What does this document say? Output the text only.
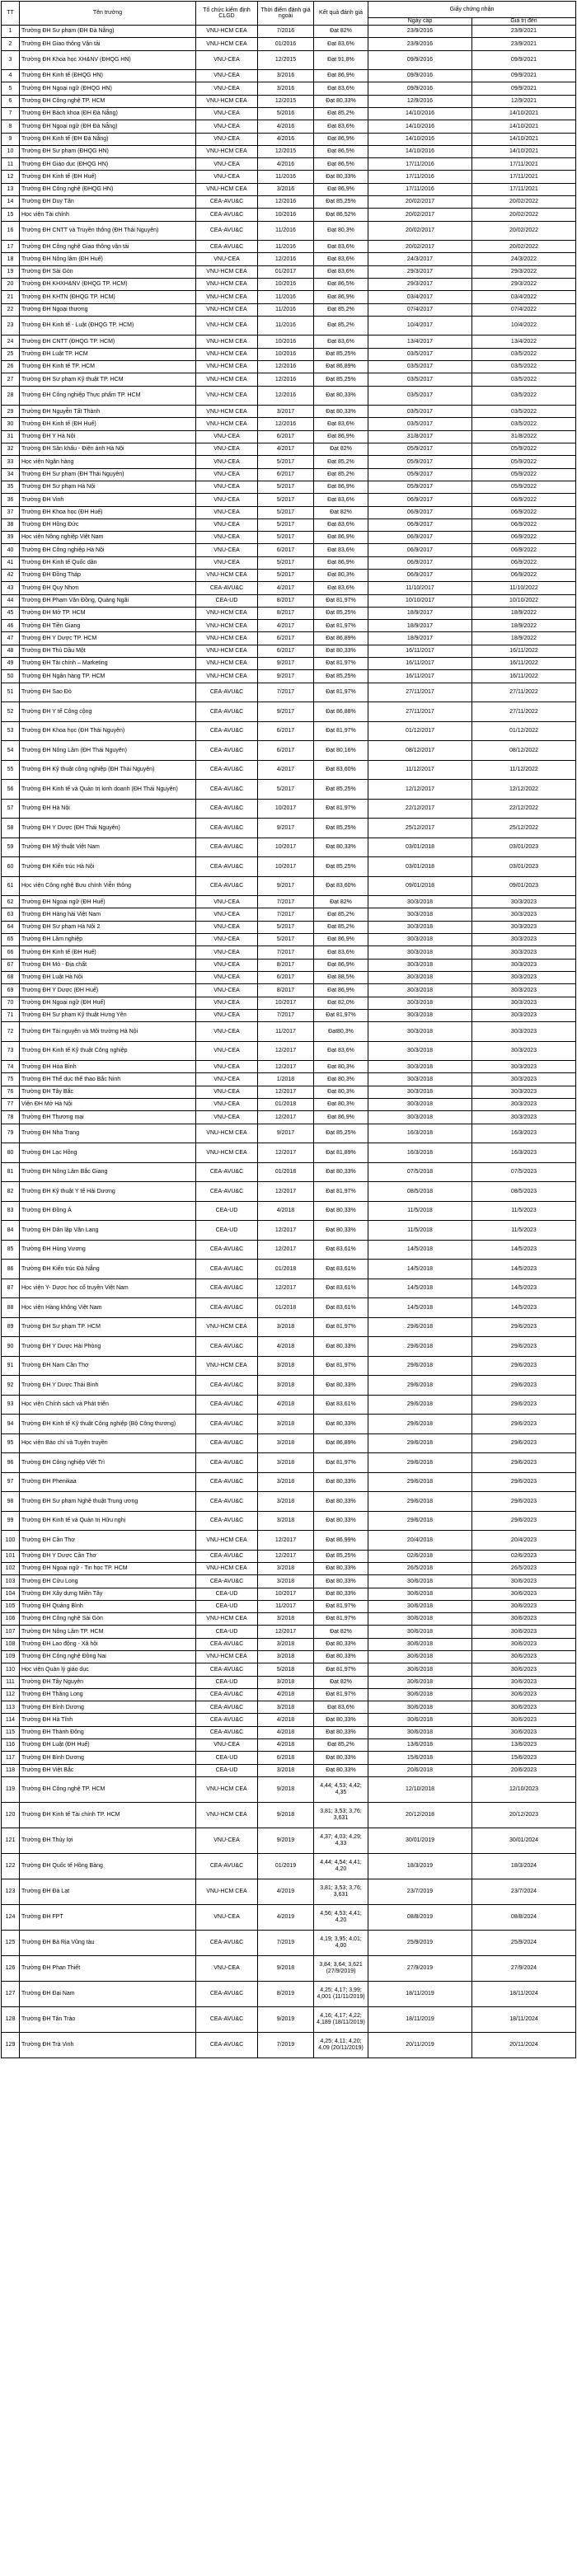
TT	Tên trường	Tổ chức kiểm định CLGD	Thời điểm đánh giá ngoài	Kết quả đánh giá	Giấy chứng nhận	
					Ngày cấp	Giá trị đến
1	Trường ĐH Sư phạm (ĐH Đà Nẵng)	VNU-HCM CEA	7/2016	Đạt 82%	23/9/2016	23/9/2021
2	Trường ĐH Giao thông Vận tải	VNU-HCM CEA	01/2016	Đạt 83,6%	23/9/2016	23/9/2021
3	Trường ĐH Khoa học XH&NV (ĐHQG HN)	VNU-CEA	12/2015	Đạt 91,8%	09/9/2016	09/9/2021
4	Trường ĐH Kinh tế (ĐHQG HN)	VNU-CEA	3/2016	Đạt 86,9%	09/9/2016	09/9/2021
5	Trường ĐH Ngoại ngữ (ĐHQG HN)	VNU-CEA	3/2016	Đạt 83,6%	09/9/2016	09/9/2021
6	Trường ĐH Công nghệ TP. HCM	VNU-HCM CEA	12/2015	Đạt 80,33%	12/9/2016	12/9/2021
7	Trường ĐH Bách khoa (ĐH Đà Nẵng)	VNU-CEA	5/2016	Đạt 85,2%	14/10/2016	14/10/2021
8	Trường ĐH Ngoại ngữ (ĐH Đà Nẵng)	VNU-CEA	4/2016	Đạt 83,6%	14/10/2016	14/10/2021
9	Trường ĐH Kinh tế (ĐH Đà Nẵng)	VNU-CEA	4/2016	Đạt 86,9%	14/10/2016	14/10/2021
10	Trường ĐH Sư phạm (ĐHQG HN)	VNU-HCM CEA	12/2015	Đạt 86,5%	14/10/2016	14/10/2021
11	Trường ĐH Giáo dục (ĐHQG HN)	VNU-CEA	4/2016	Đạt 86,5%	17/11/2016	17/11/2021
12	Trường ĐH Kinh tế (ĐH Huế)	VNU-CEA	11/2016	Đạt 80,33%	17/11/2016	17/11/2021
13	Trường ĐH Công nghệ (ĐHQG HN)	VNU-HCM CEA	3/2016	Đạt 86,9%	17/11/2016	17/11/2021
14	Trường ĐH Duy Tân	CEA-AVU&C	12/2016	Đạt 85,25%	20/02/2017	20/02/2022
15	Học viện Tài chính	CEA-AVU&C	10/2016	Đạt 86,52%	20/02/2017	20/02/2022
16	Trường ĐH CNTT và Truyền thông (ĐH Thái Nguyên)	CEA-AVU&C	11/2016	Đạt 80,3%	20/02/2017	20/02/2022
17	Trường ĐH Công nghệ Giao thông vận tải	CEA-AVU&C	11/2016	Đạt 83,6%	20/02/2017	20/02/2022
18	Trường ĐH Nông lâm (ĐH Huế)	VNU-CEA	12/2016	Đạt 83,6%	24/3/2017	24/3/2022
19	Trường ĐH Sài Gòn	VNU-HCM CEA	01/2017	Đạt 83,6%	29/3/2017	29/3/2022
20	Trường ĐH KHXH&NV (ĐHQG TP. HCM)	VNU-HCM CEA	10/2016	Đạt 86,5%	29/3/2017	29/3/2022
21	Trường ĐH KHTN (ĐHQG TP. HCM)	VNU-HCM CEA	11/2016	Đạt 86,9%	03/4/2017	03/4/2022
22	Trường ĐH Ngoại thương	VNU-HCM CEA	11/2016	Đạt 85,2%	07/4/2017	07/4/2022
23	Trường ĐH Kinh tế - Luật (ĐHQG TP. HCM)	VNU-HCM CEA	11/2016	Đạt 85,2%	10/4/2017	10/4/2022
24	Trường ĐH CNTT (ĐHQG TP. HCM)	VNU-HCM CEA	10/2016	Đạt 83,6%	13/4/2017	13/4/2022
25	Trường ĐH Luật TP. HCM	VNU-HCM CEA	10/2016	Đạt 85,25%	03/5/2017	03/5/2022
26	Trường ĐH Kinh tế TP. HCM	VNU-HCM CEA	12/2016	Đạt 86,89%	03/5/2017	03/5/2022
27	Trường ĐH Sư phạm Kỹ thuật TP. HCM	VNU-HCM CEA	12/2016	Đạt 85,25%	03/5/2017	03/5/2022
28	Trường ĐH Công nghiệp Thực phẩm TP. HCM	VNU-HCM CEA	12/2016	Đạt 80,33%	03/5/2017	03/5/2022
29	Trường ĐH Nguyễn Tất Thành	VNU-HCM CEA	3/2017	Đạt 80,33%	03/5/2017	03/5/2022
30	Trường ĐH Kinh tế (ĐH Huế)	VNU-HCM CEA	12/2016	Đạt 83,6%	03/5/2017	03/5/2022
31	Trường ĐH Y Hà Nội	VNU-CEA	6/2017	Đạt 86,9%	31/8/2017	31/8/2022
32	Trường ĐH Sân khấu - Điện ảnh Hà Nội	VNU-CEA	4/2017	Đạt 82%	05/9/2017	05/9/2022
33	Học viện Ngân hàng	VNU-CEA	5/2017	Đạt 85,2%	05/9/2017	05/9/2022
34	Trường ĐH Sư phạm (ĐH Thái Nguyên)	VNU-CEA	6/2017	Đạt 85,2%	05/9/2017	05/9/2022
35	Trường ĐH Sư phạm Hà Nội	VNU-CEA	5/2017	Đạt 86,9%	05/9/2017	05/9/2022
36	Trường ĐH Vinh	VNU-CEA	5/2017	Đạt 83,6%	06/9/2017	06/9/2022
37	Trường ĐH Khoa học (ĐH Huế)	VNU-CEA	5/2017	Đạt 82%	06/9/2017	06/9/2022
38	Trường ĐH Hồng Đức	VNU-CEA	5/2017	Đạt 83,6%	06/9/2017	06/9/2022
39	Học viện Nông nghiệp Việt Nam	VNU-CEA	5/2017	Đạt 86,9%	06/9/2017	06/9/2022
40	Trường ĐH Công nghiệp Hà Nội	VNU-CEA	6/2017	Đạt 83,6%	06/9/2017	06/9/2022
41	Trường ĐH Kinh tế Quốc dân	VNU-CEA	5/2017	Đạt 86,9%	06/9/2017	06/9/2022
42	Trường ĐH Đồng Tháp	VNU-HCM CEA	5/2017	Đạt 80,3%	06/9/2017	06/9/2022
43	Trường ĐH Quy Nhơn	CEA-AVU&C	4/2017	Đạt 83,6%	11/10/2017	11/10/2022
44	Trường ĐH Phạm Văn Đồng, Quảng Ngãi	CEA-UD	8/2017	Đạt 81,97%	10/10/2017	10/10/2022
45	Trường ĐH Mở TP. HCM	VNU-HCM CEA	8/2017	Đạt 85,25%	18/9/2017	18/9/2022
46	Trường ĐH Tiền Giang	VNU-HCM CEA	4/2017	Đạt 81,97%	18/9/2017	18/9/2022
47	Trường ĐH Y Dược TP. HCM	VNU-HCM CEA	6/2017	Đạt 86,89%	18/9/2017	18/9/2022
48	Trường ĐH Thủ Dầu Một	VNU-HCM CEA	6/2017	Đạt 80,33%	16/11/2017	16/11/2022
49	Trường ĐH Tài chính – Marketing	VNU-HCM CEA	9/2017	Đạt 81,97%	16/11/2017	16/11/2022
50	Trường ĐH Ngân hàng TP. HCM	VNU-HCM CEA	9/2017	Đạt 85,25%	16/11/2017	16/11/2022
51	Trường ĐH Sao Đỏ	CEA-AVU&C	7/2017	Đạt 81,97%	27/11/2017	27/11/2022
52	Trường ĐH Y tế Công cộng	CEA-AVU&C	9/2017	Đạt 86,88%	27/11/2017	27/11/2022
53	Trường ĐH Khoa học (ĐH Thái Nguyên)	CEA-AVU&C	6/2017	Đạt 81,97%	01/12/2017	01/12/2022
54	Trường ĐH Nông Lâm (ĐH Thái Nguyên)	CEA-AVU&C	6/2017	Đạt 80,16%	08/12/2017	08/12/2022
55	Trường ĐH Kỹ thuật công nghiệp (ĐH Thái Nguyên)	CEA-AVU&C	4/2017	Đạt 83,60%	11/12/2017	11/12/2022
56	Trường ĐH Kinh tế và Quản trị kinh doanh (ĐH Thái Nguyên)	CEA-AVU&C	5/2017	Đạt 85,25%	12/12/2017	12/12/2022
57	Trường ĐH Hà Nội	CEA-AVU&C	10/2017	Đạt 81,97%	22/12/2017	22/12/2022
58	Trường ĐH Y Dược (ĐH Thái Nguyên)	CEA-AVU&C	9/2017	Đạt 85,25%	25/12/2017	25/12/2022
59	Trường ĐH Mỹ thuật Việt Nam	CEA-AVU&C	10/2017	Đạt 80,33%	03/01/2018	03/01/2023
60	Trường ĐH Kiến trúc Hà Nội	CEA-AVU&C	10/2017	Đạt 85,25%	03/01/2018	03/01/2023
61	Học viện Công nghệ Bưu chính Viễn thông	CEA-AVU&C	9/2017	Đạt 83,60%	09/01/2018	09/01/2023
62	Trường ĐH Ngoại ngữ (ĐH Huế)	VNU-CEA	7/2017	Đạt 82%	30/3/2018	30/3/2023
63	Trường ĐH Hàng hải Việt Nam	VNU-CEA	7/2017	Đạt 85,2%	30/3/2018	30/3/2023
64	Trường ĐH Sư phạm Hà Nội 2	VNU-CEA	5/2017	Đạt 85,2%	30/3/2018	30/3/2023
65	Trường ĐH Lâm nghiệp	VNU-CEA	5/2017	Đạt 86,9%	30/3/2018	30/3/2023
66	Trường ĐH Kinh tế (ĐH Huế)	VNU-CEA	7/2017	Đạt 83,6%	30/3/2018	30/3/2023
67	Trường ĐH Mỏ - Địa chất	VNU-CEA	8/2017	Đạt 86,9%	30/3/2018	30/3/2023
68	Trường ĐH Luật Hà Nội	VNU-CEA	6/2017	Đạt 88,5%	30/3/2018	30/3/2023
69	Trường ĐH Y Dược (ĐH Huế)	VNU-CEA	8/2017	Đạt 86,9%	30/3/2018	30/3/2023
70	Trường ĐH Ngoại ngữ (ĐH Huế)	VNU-CEA	10/2017	Đạt 82,0%	30/3/2018	30/3/2023
71	Trường ĐH Sư phạm Kỹ thuật Hưng Yên	VNU-CEA	7/2017	Đạt 81,97%	30/3/2018	30/3/2023
72	Trường ĐH Tài nguyên và Môi trường Hà Nội	VNU-CEA	11/2017	Đạt80,3%	30/3/2018	30/3/2023
73	Trường ĐH Kinh tế Kỹ thuật Công nghiệp	VNU-CEA	12/2017	Đạt 83,6%	30/3/2018	30/3/2023
74	Trường ĐH Hòa Bình	VNU-CEA	12/2017	Đạt 80,3%	30/3/2018	30/3/2023
75	Trường ĐH Thể dục thể thao Bắc Ninh	VNU-CEA	1/2018	Đạt 80,3%	30/3/2018	30/3/2023
76	Trường ĐH Tây Bắc	VNU-CEA	12/2017	Đạt 80,3%	30/3/2018	30/3/2023
77	Viện ĐH Mở Hà Nội	VNU-CEA	01/2018	Đạt 80,3%	30/3/2018	30/3/2023
78	Trường ĐH Thương mại	VNU-CEA	12/2017	Đạt 86,9%	30/3/2018	30/3/2023
79	Trường ĐH Nha Trang	VNU-HCM CEA	9/2017	Đạt 85,25%	16/3/2018	16/3/2023
80	Trường ĐH Lạc Hồng	VNU-HCM CEA	12/2017	Đạt 81,89%	16/3/2018	16/3/2023
81	Trường ĐH Nông Lâm Bắc Giang	CEA-AVU&C	01/2018	Đạt 80,33%	07/5/2018	07/5/2023
82	Trường ĐH Kỹ thuật Y tế Hải Dương	CEA-AVU&C	12/2017	Đạt 81,97%	08/5/2018	08/5/2023
83	Trường ĐH Đồng Á	CEA-UD	4/2018	Đạt 80,33%	11/5/2018	11/5/2023
84	Trường ĐH Dân lập Văn Lang	CEA-UD	12/2017	Đạt 80,33%	11/5/2018	11/5/2023
85	Trường ĐH Hùng Vương	CEA-AVU&C	12/2017	Đạt 83,61%	14/5/2018	14/5/2023
86	Trường ĐH Kiến trúc Đà Nẵng	CEA-AVU&C	01/2018	Đạt 83,61%	14/5/2018	14/5/2023
87	Học viện Y- Dược học cổ truyền Việt Nam	CEA-AVU&C	12/2017	Đạt 83,61%	14/5/2018	14/5/2023
88	Học viện Hàng không Việt Nam	CEA-AVU&C	01/2018	Đạt 83,61%	14/5/2018	14/5/2023
89	Trường ĐH Sư phạm TP. HCM	VNU-HCM CEA	3/2018	Đạt 81,97%	29/6/2018	29/6/2023
90	Trường ĐH Y Dược Hải Phòng	CEA-AVU&C	4/2018	Đạt 80,33%	29/6/2018	29/6/2023
91	Trường ĐH Nam Cần Thơ	VNU-HCM CEA	3/2018	Đạt 81,97%	29/6/2018	29/6/2023
92	Trường ĐH Y Dược Thái Bình	CEA-AVU&C	3/2018	Đạt 80,33%	29/6/2018	29/6/2023
93	Học viện Chính sách và Phát triển	CEA-AVU&C	4/2018	Đạt 83,61%	29/6/2018	29/6/2023
94	Trường ĐH Kinh tế Kỹ thuật Công nghiệp (Bộ Công thương)	CEA-AVU&C	3/2018	Đạt 80,33%	29/6/2018	29/6/2023
95	Học viện Báo chí và Tuyên truyền	CEA-AVU&C	3/2018	Đạt 86,89%	29/6/2018	29/6/2023
96	Trường ĐH Công nghiệp Việt Trì	CEA-AVU&C	3/2018	Đạt 81,97%	29/6/2018	29/6/2023
97	Trường ĐH Phenikaa	CEA-AVU&C	3/2018	Đạt 80,33%	29/6/2018	29/6/2023
98	Trường ĐH Sư phạm Nghệ thuật Trung ương	CEA-AVU&C	3/2018	Đạt 80,33%	29/6/2018	29/6/2023
99	Trường ĐH Kinh tế và Quản trị Hữu nghị	CEA-AVU&C	3/2018	Đạt 80,33%	29/6/2018	29/6/2023
100	Trường ĐH Cần Thơ	VNU-HCM CEA	12/2017	Đạt 86,99%	20/4/2018	20/4/2023
101	Trường ĐH Y Dược Cần Thơ	CEA-AVU&C	12/2017	Đạt 85,25%	02/6/2018	02/6/2023
102	Trường ĐH Ngoại ngữ - Tin học TP. HCM	VNU-HCM CEA	3/2018	Đạt 80,33%	26/5/2018	26/5/2023
103	Trường ĐH Cửu Long	CEA-AVU&C	3/2018	Đạt 80,33%	30/6/2018	30/6/2023
104	Trường ĐH Xây dựng Miền Tây	CEA-UD	10/2017	Đạt 80,33%	30/6/2018	30/6/2023
105	Trường ĐH Quảng Bình	CEA-UD	11/2017	Đạt 81,97%	30/6/2018	30/6/2023
106	Trường ĐH Công nghệ Sài Gòn	VNU-HCM CEA	3/2018	Đạt 81,97%	30/6/2018	30/6/2023
107	Trường ĐH Nông Lâm TP. HCM	CEA-UD	12/2017	Đạt 82%	30/6/2018	30/6/2023
108	Trường ĐH Lao động - Xã hội	CEA-AVU&C	3/2018	Đạt 80,33%	30/6/2018	30/6/2023
109	Trường ĐH Công nghệ Đồng Nai	VNU-HCM CEA	3/2018	Đạt 80,33%	30/6/2018	30/6/2023
110	Học viện Quản lý giáo dục	CEA-AVU&C	5/2018	Đạt 81,97%	30/6/2018	30/6/2023
111	Trường ĐH Tây Nguyên	CEA-UD	3/2018	Đạt 82%	30/6/2018	30/6/2023
112	Trường ĐH Thăng Long	CEA-AVU&C	4/2018	Đạt 81,97%	30/6/2018	30/6/2023
113	Trường ĐH Bình Dương	CEA-AVU&C	3/2018	Đạt 83,6%	30/6/2018	30/6/2023
114	Trường ĐH Hà Tĩnh	CEA-AVU&C	4/2018	Đạt 80,33%	30/6/2018	30/6/2023
115	Trường ĐH Thành Đông	CEA-AVU&C	4/2018	Đạt 80,33%	30/6/2018	30/6/2023
116	Trường ĐH Luật (ĐH Huế)	VNU-CEA	4/2018	Đạt 85,2%	13/6/2018	13/6/2023
117	Trường ĐH Bình Dương	CEA-UD	6/2018	Đạt 80,33%	15/6/2018	15/6/2023
118	Trường ĐH Việt Bắc	CEA-UD	3/2018	Đạt 80,33%	20/6/2018	20/6/2023
119	Trường ĐH Công nghệ TP. HCM	VNU-HCM CEA	9/2018	4,44; 4,53; 4,42; 4,35	12/10/2018	12/10/2023
120	Trường ĐH Kinh tế Tài chính TP. HCM	VNU-HCM CEA	9/2018	3,81; 3,53; 3,76; 3,631	20/12/2018	20/12/2023
121	Trường ĐH Thủy lợi	VNU-CEA	9/2019	4,37; 4,03; 4,29; 4,33	30/01/2019	30/01/2024
122	Trường ĐH Quốc tế Hồng Bàng	CEA-AVU&C	01/2019	4,44; 4,54; 4,41; 4,20	18/3/2019	18/3/2024
123	Trường ĐH Đà Lạt	VNU-HCM CEA	4/2019	3,81; 3,53; 3,76; 3,631	23/7/2019	23/7/2024
124	Trường ĐH FPT	VNU-CEA	4/2019	4,56; 4,53; 4,41; 4,20	08/8/2019	08/8/2024
125	Trường ĐH Bà Rịa Vũng tàu	CEA-AVU&C	7/2019	4,19; 3,95; 4,01; 4,00	25/9/2019	25/9/2024
126	Trường ĐH Phan Thiết	VNU-CEA	9/2018	3,84; 3,64; 3,621 (27/9/2019)	27/9/2019	27/9/2024
127	Trường ĐH Đại Nam	CEA-AVU&C	8/2019	4,25; 4,17; 3,99; 4,001 (11/11/2019)	18/11/2019	18/11/2024
128	Trường ĐH Tân Trào	CEA-AVU&C	9/2019	4,16; 4,17; 4,22; 4,189 (18/11/2019)	18/11/2019	18/11/2024
129	Trường ĐH Trà Vinh	CEA-AVU&C	7/2019	4,25; 4,11; 4,20; 4,09 (20/11/2019)	20/11/2019	20/11/2024
